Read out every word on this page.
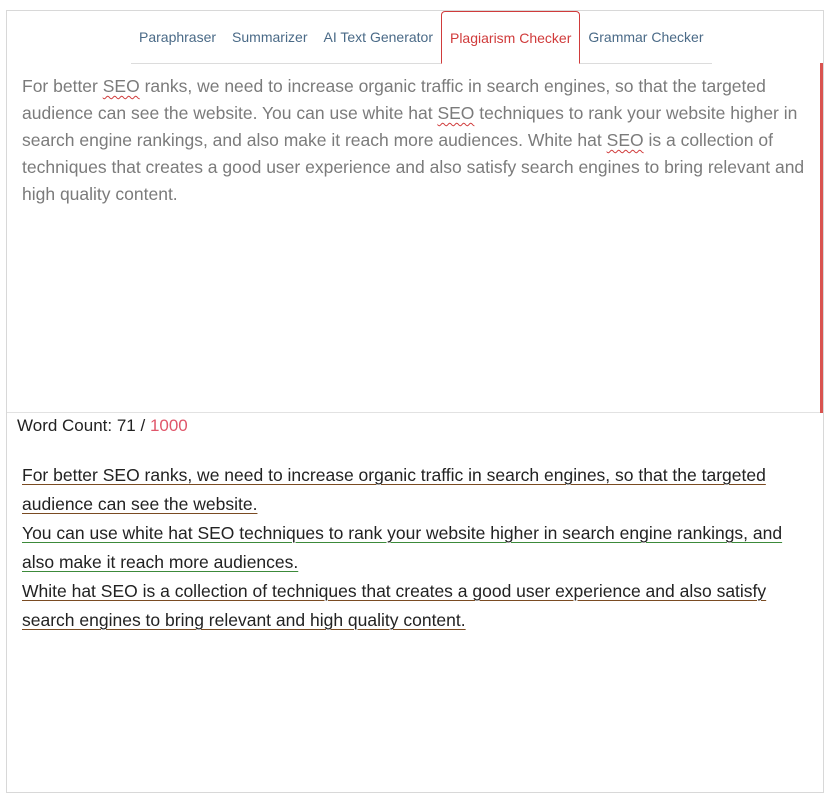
Paraphraser	Summarizer	AI Text Generator	Plagiarism Checker	Grammar Checker
For better SEO ranks, we need to increase organic traffic in search engines, so that the targeted audience can see the website. You can use white hat SEO techniques to rank your website higher in search engine rankings, and also make it reach more audiences. White hat SEO is a collection of techniques that creates a good user experience and also satisfy search engines to bring relevant and high quality content.
Word Count: 71 / 1000
For better SEO ranks, we need to increase organic traffic in search engines, so that the targeted audience can see the website.
You can use white hat SEO techniques to rank your website higher in search engine rankings, and also make it reach more audiences.
White hat SEO is a collection of techniques that creates a good user experience and also satisfy search engines to bring relevant and high quality content.
